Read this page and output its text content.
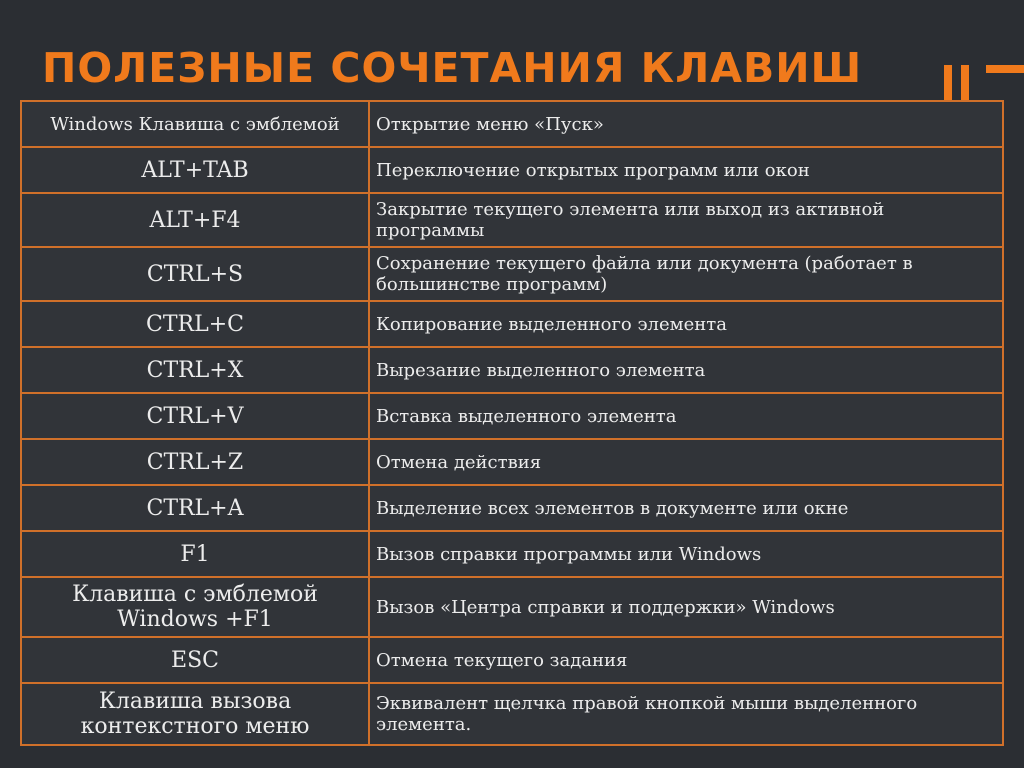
ПОЛЕЗНЫЕ СОЧЕТАНИЯ КЛАВИШ
Windows Клавиша с эмблемой	Открытие меню «Пуск»
ALT+TAB	Переключение открытых программ или окон
ALT+F4	Закрытие текущего элемента или выход из активной программы
CTRL+S	Сохранение текущего файла или документа (работает в большинстве программ)
CTRL+C	Копирование выделенного элемента
CTRL+X	Вырезание выделенного элемента
CTRL+V	Вставка выделенного элемента
CTRL+Z	Отмена действия
CTRL+A	Выделение всех элементов в документе или окне
F1	Вызов справки программы или Windows
Клавиша с эмблемой Windows +F1	Вызов «Центра справки и поддержки» Windows
ESC	Отмена текущего задания
Клавиша вызова контекстного меню	Эквивалент щелчка правой кнопкой мыши выделенного элемента.
